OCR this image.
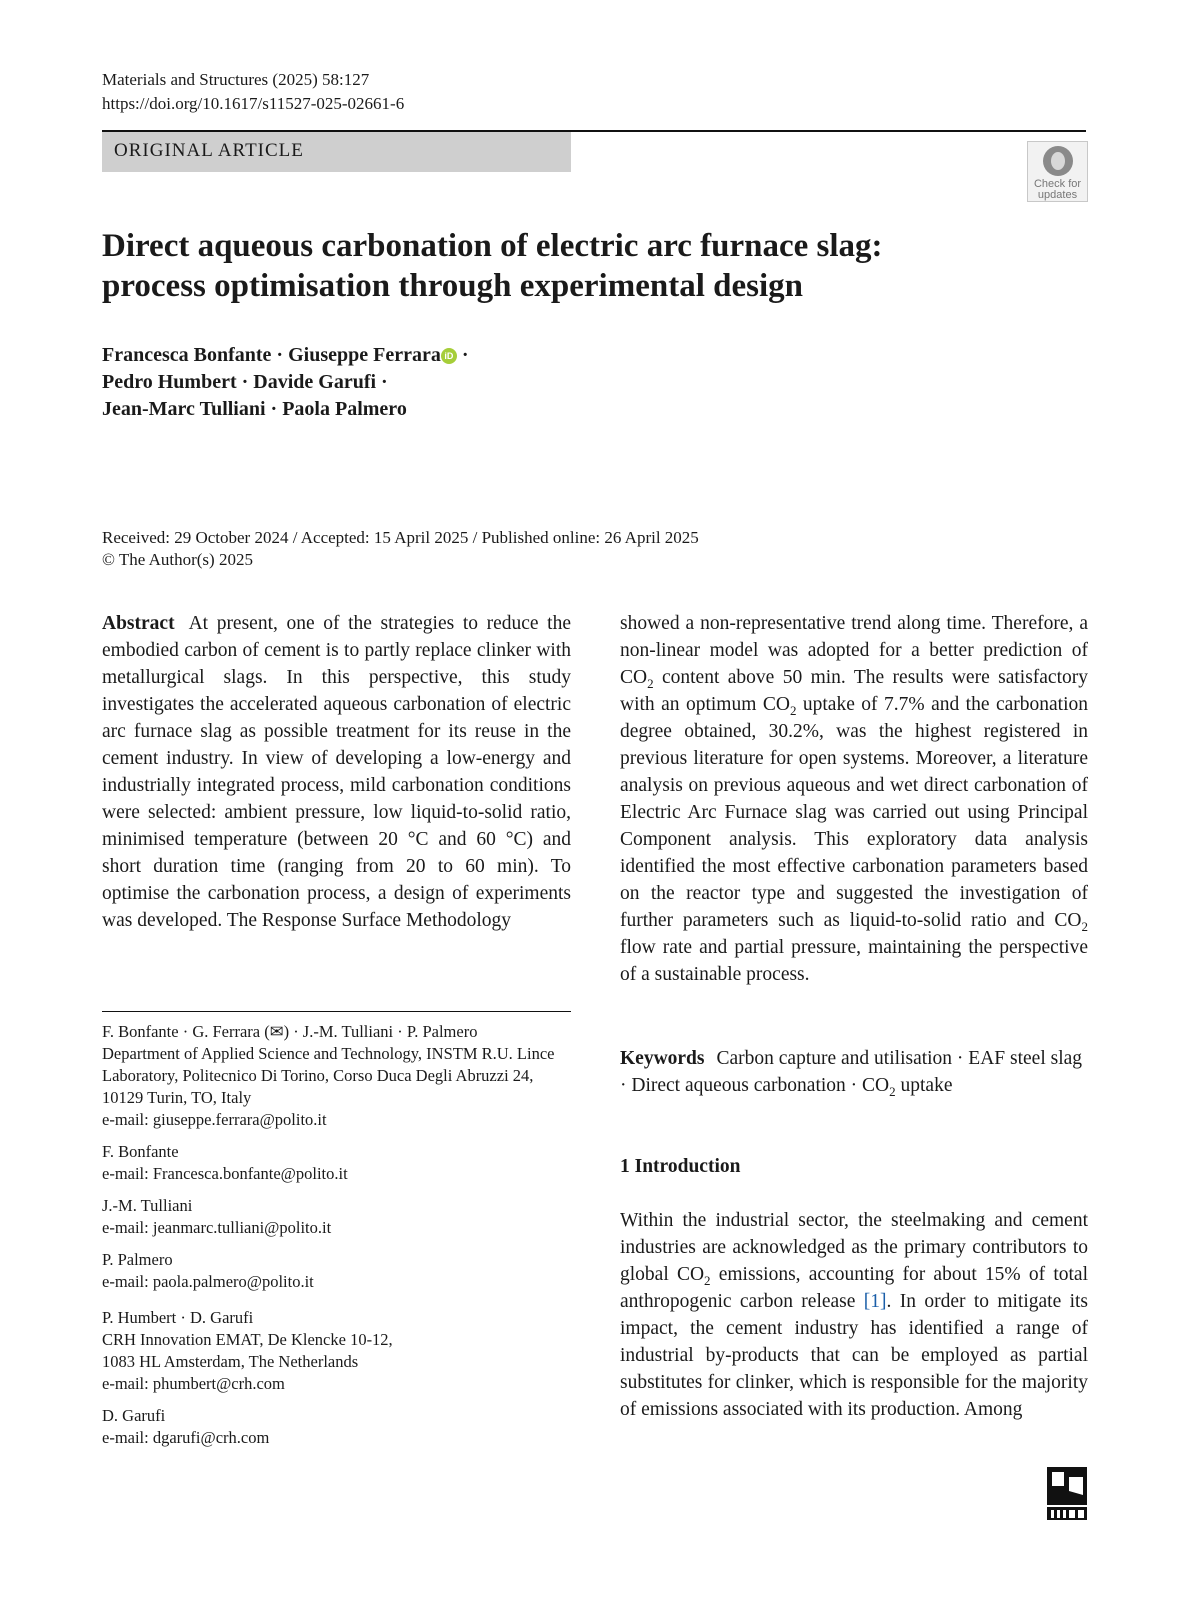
Materials and Structures (2025) 58:127
https://doi.org/10.1617/s11527-025-02661-6
ORIGINAL ARTICLE
Check for
updates
Direct aqueous carbonation of electric arc furnace slag:
process optimisation through experimental design
Francesca Bonfante · Giuseppe Ferrara iD ·
Pedro Humbert · Davide Garufi ·
Jean-Marc Tulliani · Paola Palmero
Received: 29 October 2024 / Accepted: 15 April 2025 / Published online: 26 April 2025
© The Author(s) 2025
Abstract At present, one of the strategies to reduce the embodied carbon of cement is to partly replace clinker with metallurgical slags. In this perspective, this study investigates the accelerated aqueous carbonation of electric arc furnace slag as possible treatment for its reuse in the cement industry. In view of developing a low-energy and industrially integrated process, mild carbonation conditions were selected: ambient pressure, low liquid-to-solid ratio, minimised temperature (between 20 °C and 60 °C) and short duration time (ranging from 20 to 60 min). To optimise the carbonation process, a design of experiments was developed. The Response Surface Methodology
showed a non-representative trend along time. Therefore, a non-linear model was adopted for a better prediction of $CO_2$ content above 50 min. The results were satisfactory with an optimum $CO_2$ uptake of 7.7% and the carbonation degree obtained, 30.2%, was the highest registered in previous literature for open systems. Moreover, a literature analysis on previous aqueous and wet direct carbonation of Electric Arc Furnace slag was carried out using Principal Component analysis. This exploratory data analysis identified the most effective carbonation parameters based on the reactor type and suggested the investigation of further parameters such as liquid-to-solid ratio and $CO_2$ flow rate and partial pressure, maintaining the perspective of a sustainable process.
Keywords Carbon capture and utilisation · EAF steel slag · Direct aqueous carbonation · $CO_2$ uptake
F. Bonfante · G. Ferrara (✉) · J.-M. Tulliani · P. Palmero
Department of Applied Science and Technology, INSTM R.U. Lince Laboratory, Politecnico Di Torino, Corso Duca Degli Abruzzi 24, 10129 Turin, TO, Italy
e-mail: giuseppe.ferrara@polito.it
F. Bonfante
e-mail: Francesca.bonfante@polito.it
J.-M. Tulliani
e-mail: jeanmarc.tulliani@polito.it
P. Palmero
e-mail: paola.palmero@polito.it
P. Humbert · D. Garufi
CRH Innovation EMAT, De Klencke 10-12,
1083 HL Amsterdam, The Netherlands
e-mail: phumbert@crh.com
D. Garufi
e-mail: dgarufi@crh.com
1 Introduction
Within the industrial sector, the steelmaking and cement industries are acknowledged as the primary contributors to global $CO_2$ emissions, accounting for about 15% of total anthropogenic carbon release [1]. In order to mitigate its impact, the cement industry has identified a range of industrial by-products that can be employed as partial substitutes for clinker, which is responsible for the majority of emissions associated with its production. Among
